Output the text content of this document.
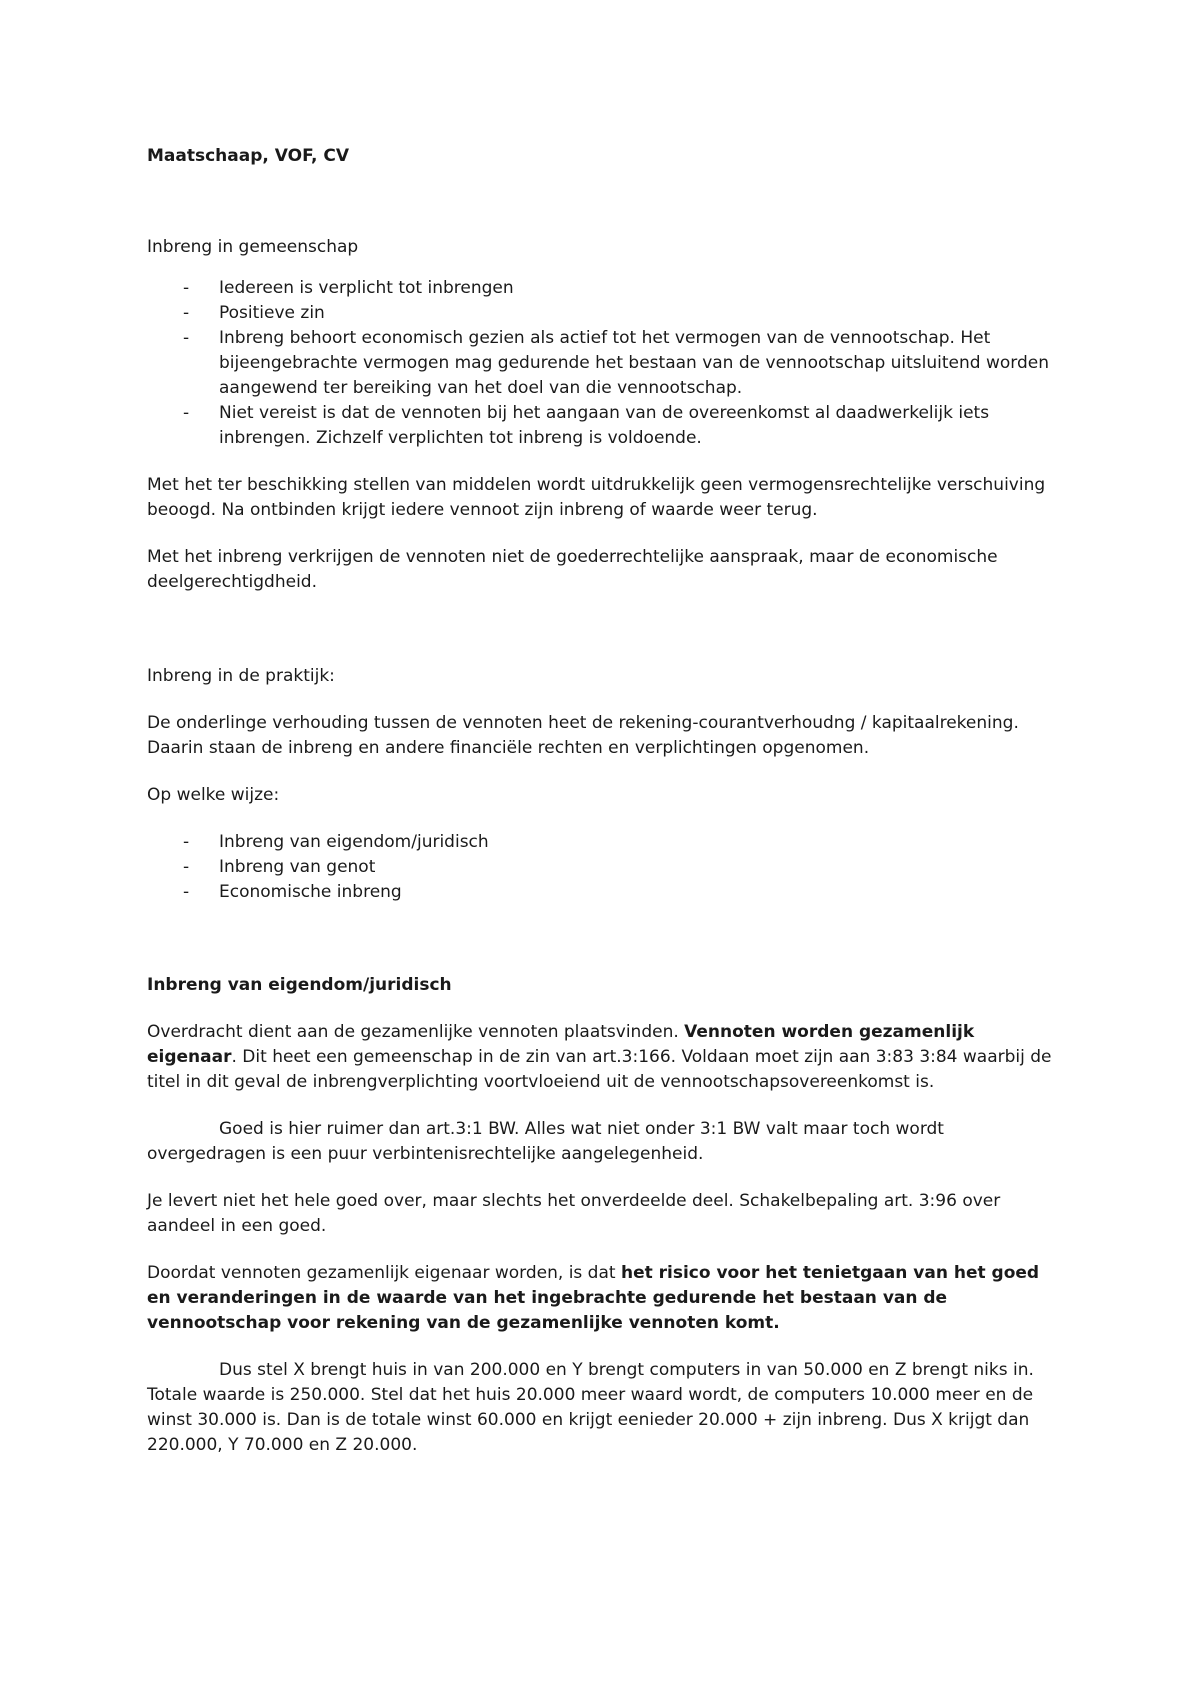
Maatschaap, VOF, CV

Inbreng in gemeenschap

- Iedereen is verplicht tot inbrengen
- Positieve zin
- Inbreng behoort economisch gezien als actief tot het vermogen van de vennootschap. Het bijeengebrachte vermogen mag gedurende het bestaan van de vennootschap uitsluitend worden aangewend ter bereiking van het doel van die vennootschap.
- Niet vereist is dat de vennoten bij het aangaan van de overeenkomst al daadwerkelijk iets inbrengen. Zichzelf verplichten tot inbreng is voldoende.

Met het ter beschikking stellen van middelen wordt uitdrukkelijk geen vermogensrechtelijke verschuiving beoogd. Na ontbinden krijgt iedere vennoot zijn inbreng of waarde weer terug.

Met het inbreng verkrijgen de vennoten niet de goederrechtelijke aanspraak, maar de economische deelgerechtigdheid.

Inbreng in de praktijk:

De onderlinge verhouding tussen de vennoten heet de rekening-courantverhoudng / kapitaalrekening. Daarin staan de inbreng en andere financiële rechten en verplichtingen opgenomen.

Op welke wijze:

- Inbreng van eigendom/juridisch
- Inbreng van genot
- Economische inbreng

Inbreng van eigendom/juridisch

Overdracht dient aan de gezamenlijke vennoten plaatsvinden. Vennoten worden gezamenlijk eigenaar. Dit heet een gemeenschap in de zin van art.3:166. Voldaan moet zijn aan 3:83 3:84 waarbij de titel in dit geval de inbrengverplichting voortvloeiend uit de vennootschapsovereenkomst is.

Goed is hier ruimer dan art.3:1 BW. Alles wat niet onder 3:1 BW valt maar toch wordt overgedragen is een puur verbintenisrechtelijke aangelegenheid.

Je levert niet het hele goed over, maar slechts het onverdeelde deel. Schakelbepaling art. 3:96 over aandeel in een goed.

Doordat vennoten gezamenlijk eigenaar worden, is dat het risico voor het tenietgaan van het goed en veranderingen in de waarde van het ingebrachte gedurende het bestaan van de vennootschap voor rekening van de gezamenlijke vennoten komt.

Dus stel X brengt huis in van 200.000 en Y brengt computers in van 50.000 en Z brengt niks in. Totale waarde is 250.000. Stel dat het huis 20.000 meer waard wordt, de computers 10.000 meer en de winst 30.000 is. Dan is de totale winst 60.000 en krijgt eenieder 20.000 + zijn inbreng. Dus X krijgt dan 220.000, Y 70.000 en Z 20.000.
